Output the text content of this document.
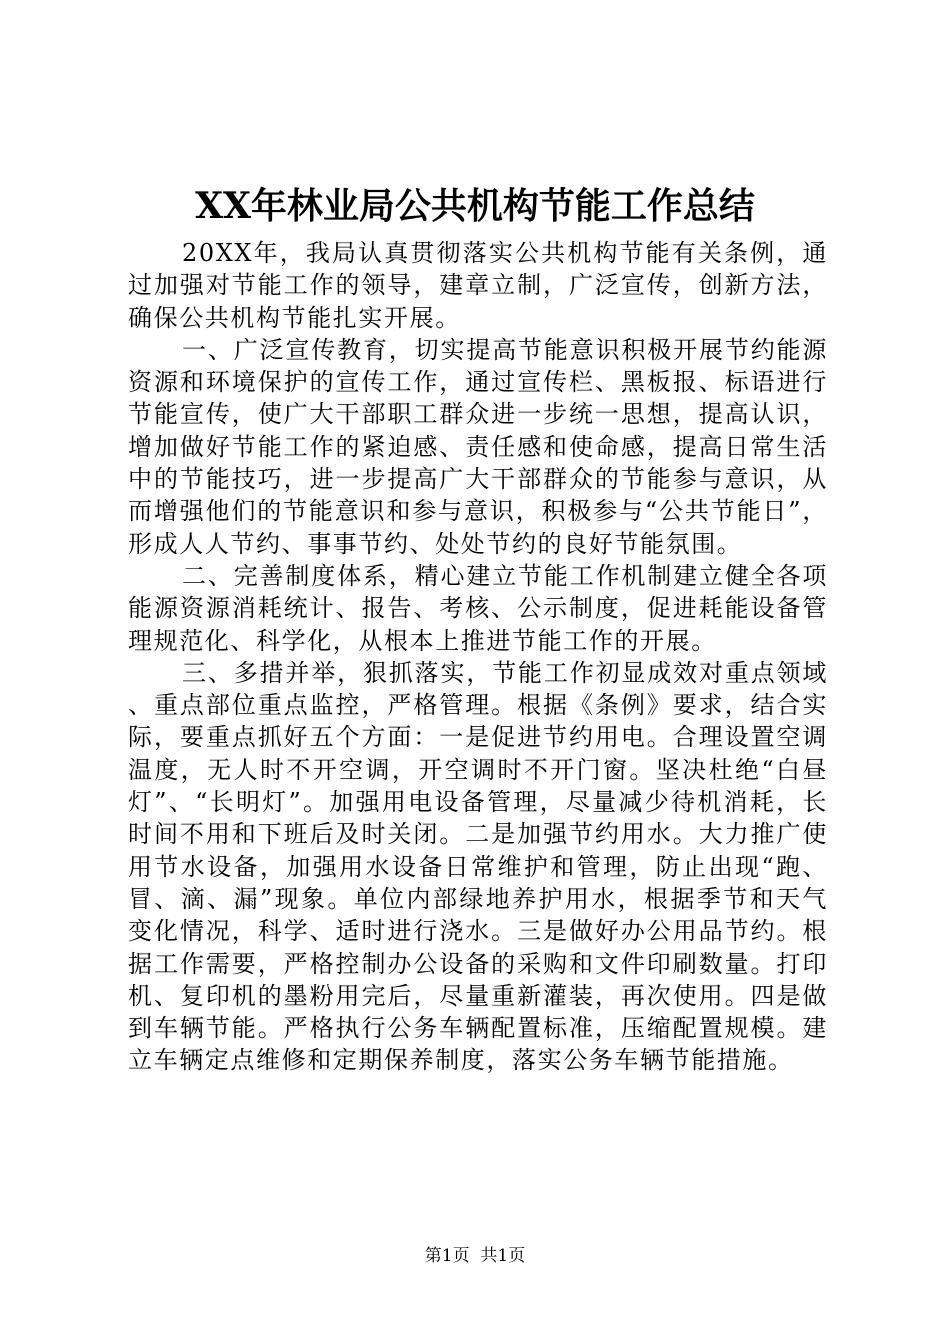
XX年林业局公共机构节能工作总结

20XX年，我局认真贯彻落实公共机构节能有关条例，通过加强对节能工作的领导，建章立制，广泛宣传，创新方法，确保公共机构节能扎实开展。

一、广泛宣传教育，切实提高节能意识积极开展节约能源资源和环境保护的宣传工作，通过宣传栏、黑板报、标语进行节能宣传，使广大干部职工群众进一步统一思想，提高认识，增加做好节能工作的紧迫感、责任感和使命感，提高日常生活中的节能技巧，进一步提高广大干部群众的节能参与意识，从而增强他们的节能意识和参与意识，积极参与“公共节能日”，形成人人节约、事事节约、处处节约的良好节能氛围。

二、完善制度体系，精心建立节能工作机制建立健全各项能源资源消耗统计、报告、考核、公示制度，促进耗能设备管理规范化、科学化，从根本上推进节能工作的开展。

三、多措并举，狠抓落实，节能工作初显成效对重点领域、重点部位重点监控，严格管理。根据《条例》要求，结合实际，要重点抓好五个方面：一是促进节约用电。合理设置空调温度，无人时不开空调，开空调时不开门窗。坚决杜绝“白昼灯”、“长明灯”。加强用电设备管理，尽量减少待机消耗，长时间不用和下班后及时关闭。二是加强节约用水。大力推广使用节水设备，加强用水设备日常维护和管理，防止出现“跑、冒、滴、漏”现象。单位内部绿地养护用水，根据季节和天气变化情况，科学、适时进行浇水。三是做好办公用品节约。根据工作需要，严格控制办公设备的采购和文件印刷数量。打印机、复印机的墨粉用完后，尽量重新灌装，再次使用。四是做到车辆节能。严格执行公务车辆配置标准，压缩配置规模。建立车辆定点维修和定期保养制度，落实公务车辆节能措施。

第1页  共1页
